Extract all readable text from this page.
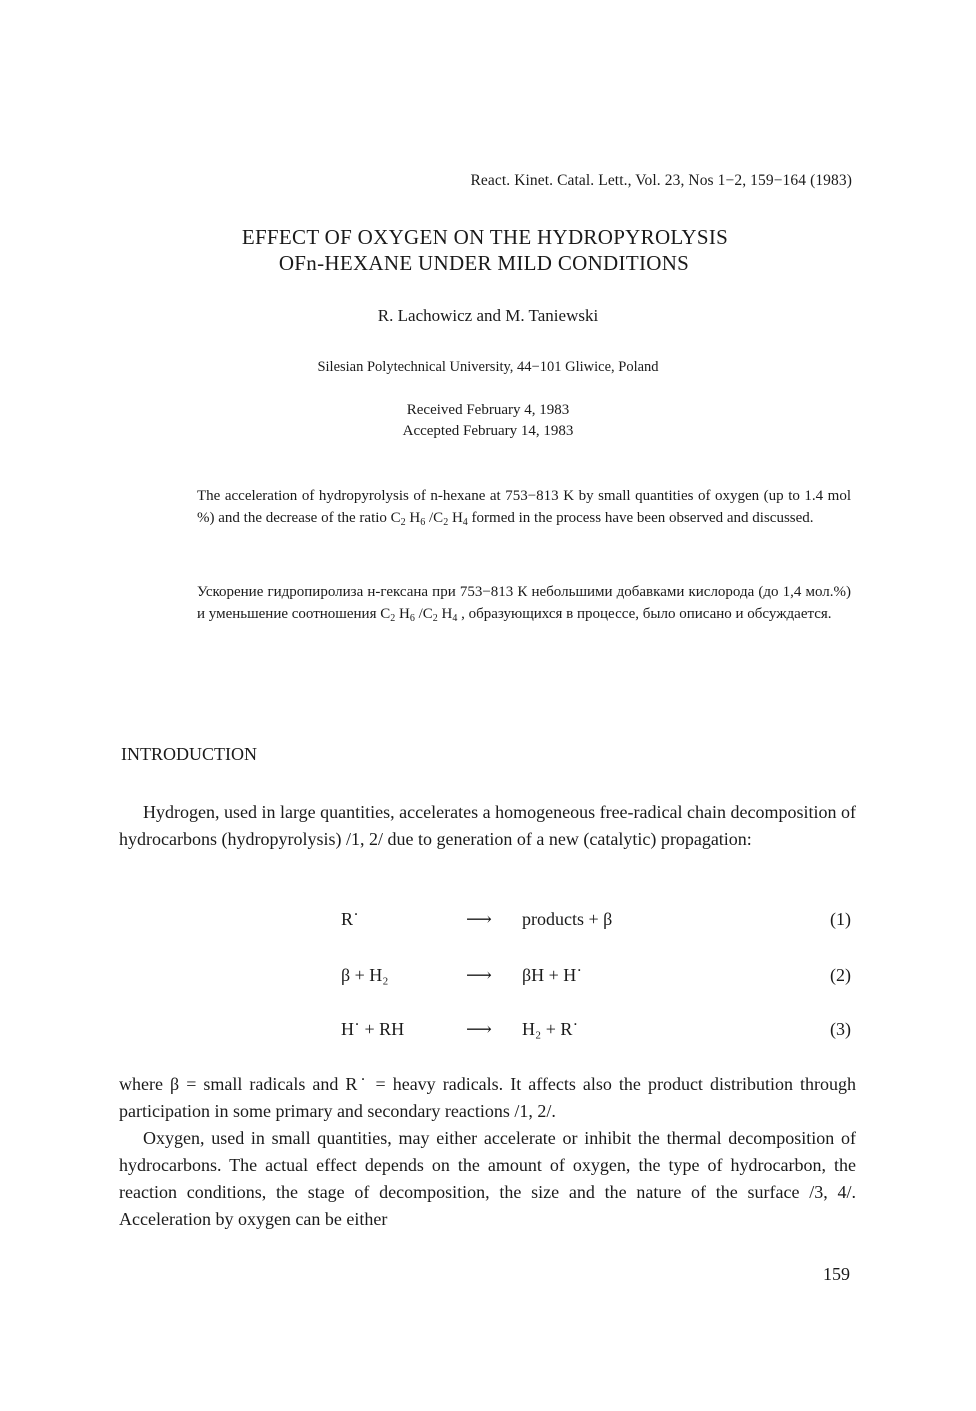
React. Kinet. Catal. Lett., Vol. 23, Nos 1−2, 159−164 (1983)
EFFECT OF OXYGEN ON THE HYDROPYROLYSIS
OFn-HEXANE UNDER MILD CONDITIONS
R. Lachowicz and M. Taniewski
Silesian Polytechnical University, 44−101 Gliwice, Poland
Received February 4, 1983
Accepted February 14, 1983
The acceleration of hydropyrolysis of n-hexane at 753−813 K by small quantities of oxygen (up to 1.4 mol %) and the decrease of the ratio $C_2$ $H_6$ $/C_2$ $H_4$ formed in the process have been observed and discussed.
Ускорение гидропиролиза н-гексана при 753−813 К небольшими добавками кислорода (до 1,4 мол.%) и уменьшение соотношения $C_2$ $H_6$ $/C_2$ $H_4$ , образующихся в процессе, было описано и обсуждается.
INTRODUCTION

Hydrogen, used in large quantities, accelerates a homogeneous free-radical chain decomposition of hydrocarbons (hydropyrolysis) /1, 2/ due to generation of a new (catalytic) propagation:

R˙	⟶ products + β	(1)
β + H₂	⟶ βH + H˙	(2)
H˙ + RH	⟶ H₂ + R˙	(3)

where β = small radicals and R˙ = heavy radicals. It affects also the product distribution through participation in some primary and secondary reactions /1, 2/.

Oxygen, used in small quantities, may either accelerate or inhibit the thermal decomposition of hydrocarbons. The actual effect depends on the amount of oxygen, the type of hydrocarbon, the reaction conditions, the stage of decomposition, the size and the nature of the surface /3, 4/. Acceleration by oxygen can be either

159
